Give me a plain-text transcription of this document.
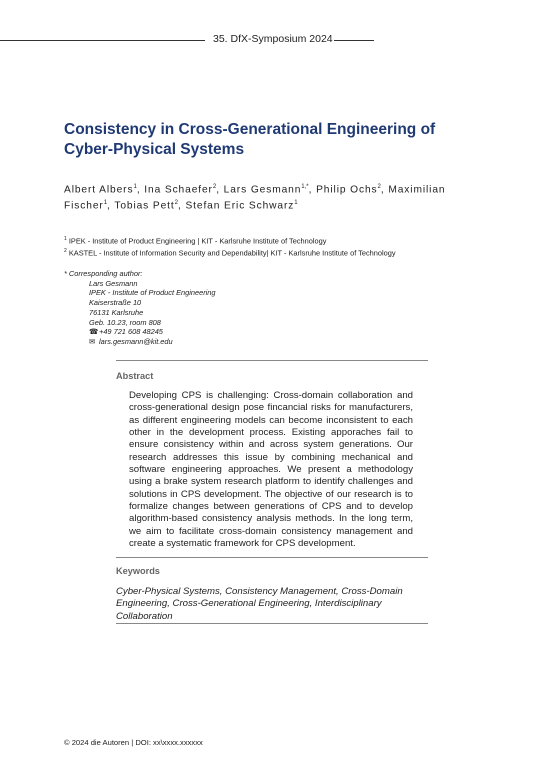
35. DfX-Symposium 2024
Consistency in Cross-Generational Engineering of Cyber-Physical Systems
Albert Albers$^1$, Ina Schaefer$^2$, Lars Gesmann$^{1,*}$, Philip Ochs$^2$, Maximilian Fischer$^1$, Tobias Pett$^2$, Stefan Eric Schwarz$^1$
$^1$ IPEK - Institute of Product Engineering | KIT - Karlsruhe Institute of Technology
$^2$ KASTEL - Institute of Information Security and Dependability| KIT - Karlsruhe Institute of Technology
* Corresponding author:
Lars Gesmann
IPEK - Institute of Product Engineering
Kaiserstraße 10
76131 Karlsruhe
Geb. 10.23, room 808
☎+49 721 608 48245
✉ lars.gesmann@kit.edu
Abstract
Developing CPS is challenging: Cross-domain collaboration and cross-generational design pose fincancial risks for manufacturers, as different engineering models can become inconsistent to each other in the development process. Existing apporaches fail to ensure consistency within and across system generations. Our research addresses this issue by combining mechanical and software engineering approaches. We present a methodology using a brake system research platform to identify challenges and solutions in CPS development. The objective of our research is to formalize changes between generations of CPS and to develop algorithm-based consistency analysis methods. In the long term, we aim to facilitate cross-domain consistency management and create a systematic framework for CPS development.
Keywords
Cyber-Physical Systems, Consistency Management, Cross-Domain Engineering, Cross-Generational Engineering, Interdisciplinary Collaboration
© 2024 die Autoren | DOI: xx\xxxx.xxxxxx
